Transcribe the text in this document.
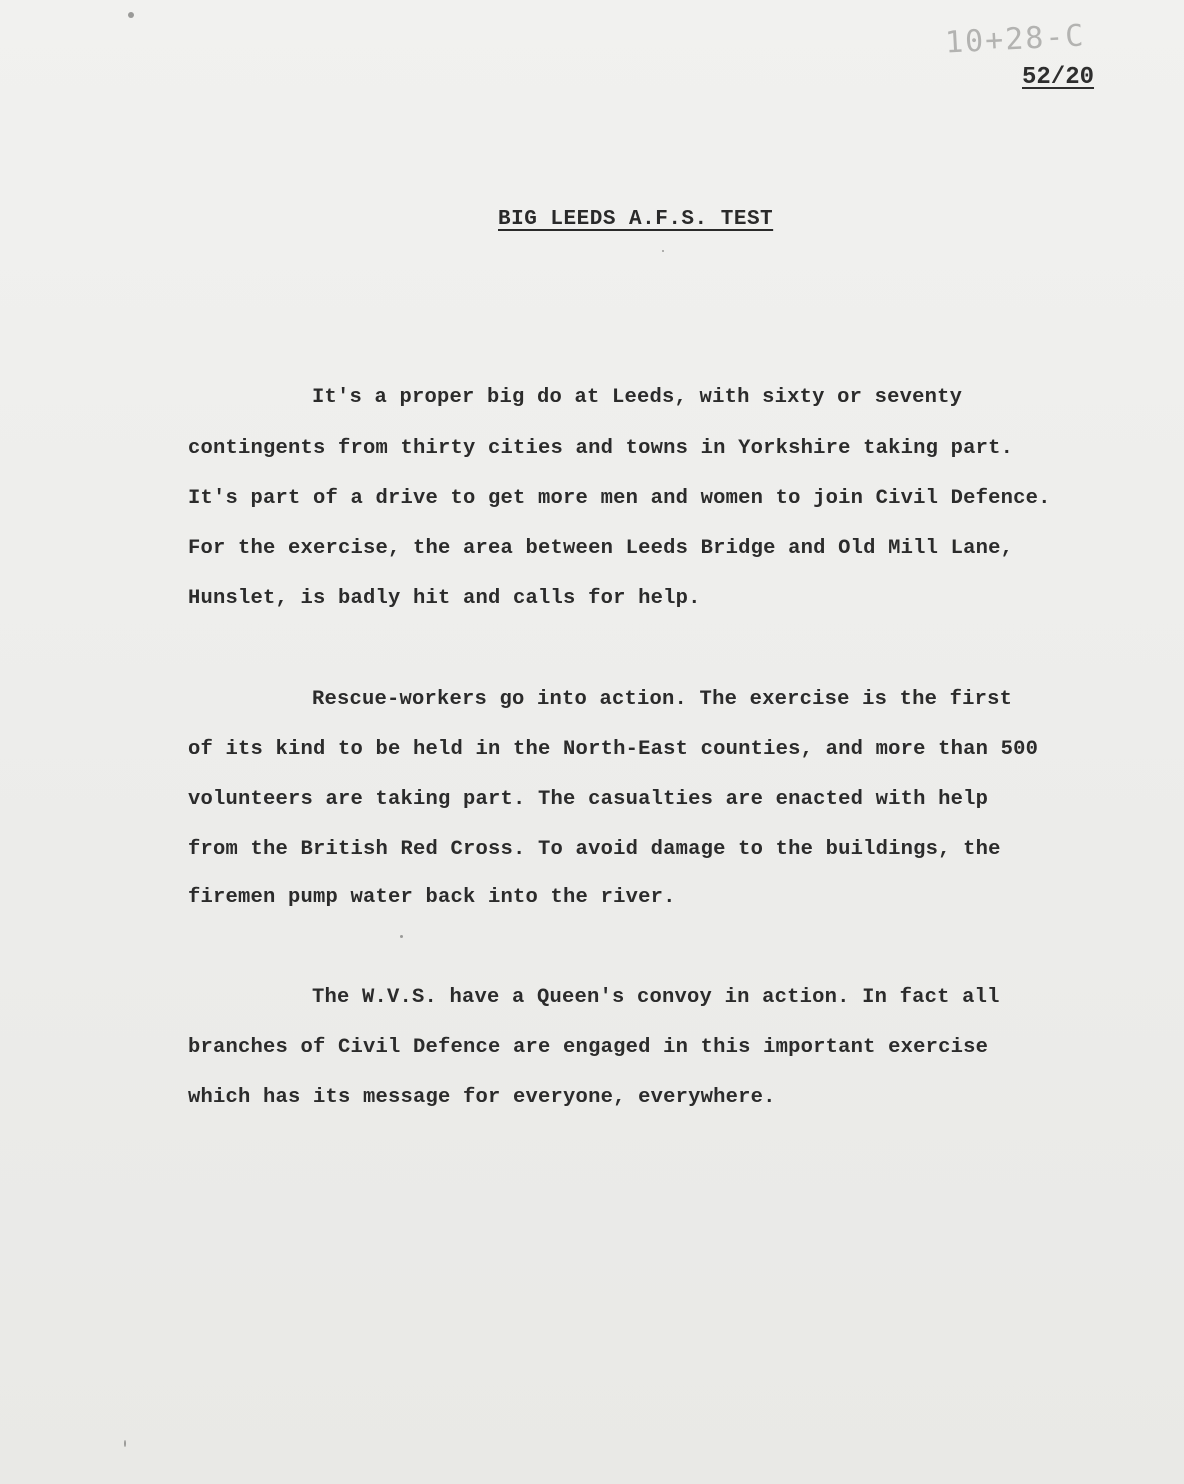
10+28-C
52/20
BIG LEEDS A.F.S. TEST
It's a proper big do at Leeds, with sixty or seventy
contingents from thirty cities and towns in Yorkshire taking part.
It's part of a drive to get more men and women to join Civil Defence.
For the exercise, the area between Leeds Bridge and Old Mill Lane,
Hunslet, is badly hit and calls for help.
Rescue-workers go into action. The exercise is the first
of its kind to be held in the North-East counties, and more than 500
volunteers are taking part. The casualties are enacted with help
from the British Red Cross. To avoid damage to the buildings, the
firemen pump water back into the river.
The W.V.S. have a Queen's convoy in action. In fact all
branches of Civil Defence are engaged in this important exercise
which has its message for everyone, everywhere.
